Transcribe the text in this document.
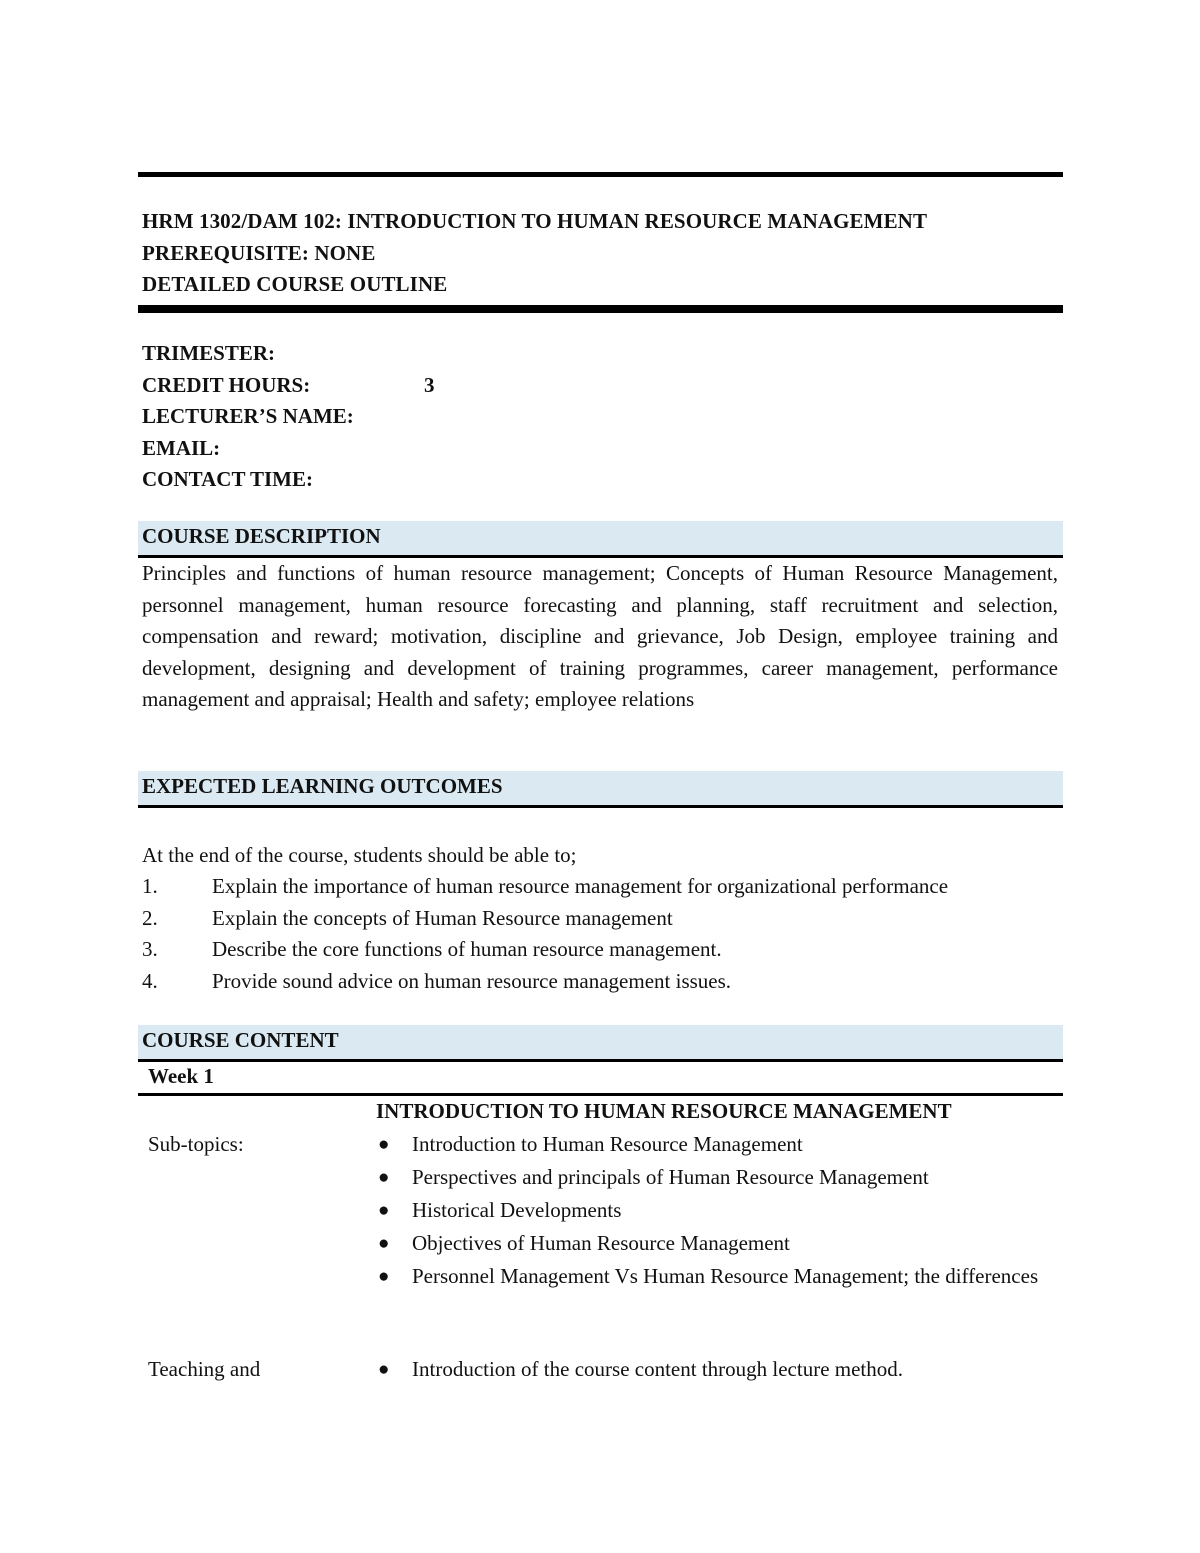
HRM 1302/DAM 102: INTRODUCTION TO HUMAN RESOURCE MANAGEMENT
PREREQUISITE: NONE
DETAILED COURSE OUTLINE
TRIMESTER:
CREDIT HOURS:	3
LECTURER’S NAME:
EMAIL:
CONTACT TIME:
COURSE DESCRIPTION
Principles and functions of human resource management; Concepts of Human Resource Management, personnel management, human resource forecasting and planning, staff recruitment and selection, compensation and reward; motivation, discipline and grievance, Job Design, employee training and development, designing and development of training programmes, career management, performance management and appraisal; Health and safety; employee relations
EXPECTED LEARNING OUTCOMES
At the end of the course, students should be able to;
1.	Explain the importance of human resource management for organizational performance
2.	Explain the concepts of Human Resource management
3.	Describe the core functions of human resource management.
4.	Provide sound advice on human resource management issues.
COURSE CONTENT
Week 1
INTRODUCTION TO HUMAN RESOURCE MANAGEMENT
Sub-topics:	● Introduction to Human Resource Management
● Perspectives and principals of Human Resource Management
● Historical Developments
● Objectives of Human Resource Management
● Personnel Management Vs Human Resource Management; the differences
Teaching and	● Introduction of the course content through lecture method.
